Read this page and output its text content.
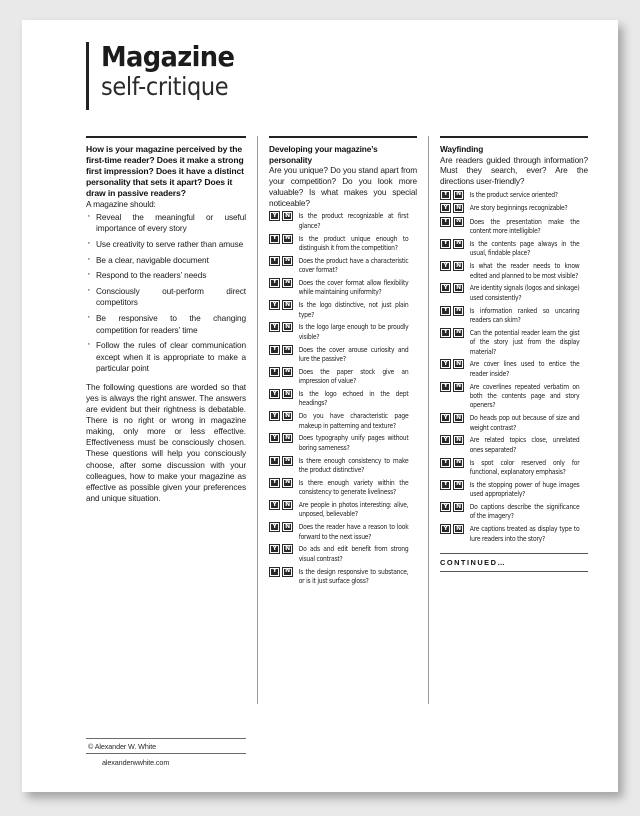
Magazine
self-critique
How is your magazine perceived by the first-time reader? Does it make a strong first impression? Does it have a distinct personality that sets it apart? Does it draw in passive readers?
A magazine should:
· Reveal the meaningful or useful importance of every story
· Use creativity to serve rather than amuse
· Be a clear, navigable document
· Respond to the readers’ needs
· Consciously out-perform direct competitors
· Be responsive to the changing competition for readers’ time
· Follow the rules of clear communication except when it is appropriate to make a particular point

The following questions are worded so that yes is always the right answer. The answers are evident but their rightness is debatable. There is no right or wrong in magazine making, only more or less effective. Effectiveness must be consciously chosen. These questions will help you consciously choose, after some discussion with your colleagues, how to make your magazine as effective as possible given your preferences and unique situation.

Developing your magazine’s personality
Are you unique? Do you stand apart from your competition? Do you look more valuable? Is what makes you special noticeable?
Y	N	Is the product recognizable at first glance?
Y	N	Is the product unique enough to distinguish it from the competition?
Y	N	Does the product have a characteristic cover format?
Y	N	Does the cover format allow flexibility while maintaining uniformity?
Y	N	Is the logo distinctive, not just plain type?
Y	N	Is the logo large enough to be proudly visible?
Y	N	Does the cover arouse curiosity and lure the passive?
Y	N	Does the paper stock give an impression of value?
Y	N	Is the logo echoed in the dept headings?
Y	N	Do you have characteristic page makeup in patterning and texture?
Y	N	Does typography unify pages without boring sameness?
Y	N	Is there enough consistency to make the product distinctive?
Y	N	Is there enough variety within the consistency to generate liveliness?
Y	N	Are people in photos interesting: alive, unposed, believable?
Y	N	Does the reader have a reason to look forward to the next issue?
Y	N	Do ads and edit benefit from strong visual contrast?
Y	N	Is the design responsive to substance, or is it just surface gloss?
Wayfinding
Are readers guided through information? Must they search, ever? Are the directions user-friendly?
Y	N	Is the product service oriented?
Y	N	Are story beginnings recognizable?
Y	N	Does the presentation make the content more intelligible?
Y	N	Is the contents page always in the usual, findable place?
Y	N	Is what the reader needs to know edited and planned to be most visible?
Y	N	Are identity signals (logos and sinkage) used consistently?
Y	N	Is information ranked so uncaring readers can skim?
Y	N	Can the potential reader learn the gist of the story just from the display material?
Y	N	Are cover lines used to entice the reader inside?
Y	N	Are coverlines repeated verbatim on both the contents page and story openers?
Y	N	Do heads pop out because of size and weight contrast?
Y	N	Are related topics close, unrelated ones separated?
Y	N	Is spot color reserved only for functional, explanatory emphasis?
Y	N	Is the stopping power of huge images used appropriately?
Y	N	Do captions describe the significance of the imagery?
Y	N	Are captions treated as display type to lure readers into the story?
CONTINUED…
© Alexander W. White
alexanderwwhite.com
